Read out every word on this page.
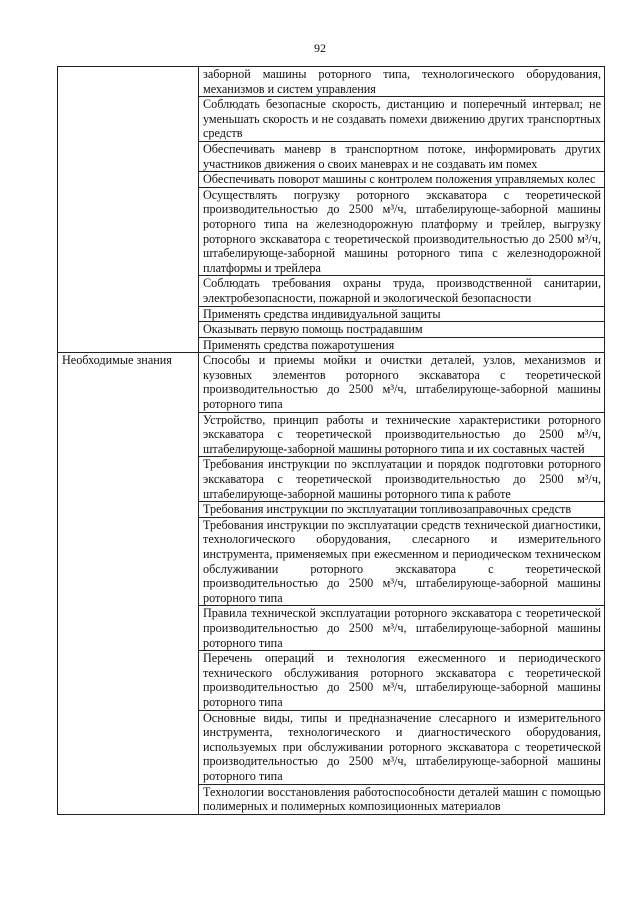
92
	заборной машины роторного типа, технологического оборудования, механизмов и систем управления
	Соблюдать безопасные скорость, дистанцию и поперечный интервал; не уменьшать скорость и не создавать помехи движению других транспортных средств
	Обеспечивать маневр в транспортном потоке, информировать других участников движения о своих маневрах и не создавать им помех
	Обеспечивать поворот машины с контролем положения управляемых колес
	Осуществлять погрузку роторного экскаватора с теоретической производительностью до 2500 м³/ч, штабелирующе-заборной машины роторного типа на железнодорожную платформу и трейлер, выгрузку роторного экскаватора с теоретической производительностью до 2500 м³/ч, штабелирующе-заборной машины роторного типа с железнодорожной платформы и трейлера
	Соблюдать требования охраны труда, производственной санитарии, электробезопасности, пожарной и экологической безопасности
	Применять средства индивидуальной защиты
	Оказывать первую помощь пострадавшим
	Применять средства пожаротушения
Необходимые знания	Способы и приемы мойки и очистки деталей, узлов, механизмов и кузовных элементов роторного экскаватора с теоретической производительностью до 2500 м³/ч, штабелирующе-заборной машины роторного типа
	Устройство, принцип работы и технические характеристики роторного экскаватора с теоретической производительностью до 2500 м³/ч, штабелирующе-заборной машины роторного типа и их составных частей
	Требования инструкции по эксплуатации и порядок подготовки роторного экскаватора с теоретической производительностью до 2500 м³/ч, штабелирующе-заборной машины роторного типа к работе
	Требования инструкции по эксплуатации топливозаправочных средств
	Требования инструкции по эксплуатации средств технической диагностики, технологического оборудования, слесарного и измерительного инструмента, применяемых при ежесменном и периодическом техническом обслуживании роторного экскаватора с теоретической производительностью до 2500 м³/ч, штабелирующе-заборной машины роторного типа
	Правила технической эксплуатации роторного экскаватора с теоретической производительностью до 2500 м³/ч, штабелирующе-заборной машины роторного типа
	Перечень операций и технология ежесменного и периодического технического обслуживания роторного экскаватора с теоретической производительностью до 2500 м³/ч, штабелирующе-заборной машины роторного типа
	Основные виды, типы и предназначение слесарного и измерительного инструмента, технологического и диагностического оборудования, используемых при обслуживании роторного экскаватора с теоретической производительностью до 2500 м³/ч, штабелирующе-заборной машины роторного типа
	Технологии восстановления работоспособности деталей машин с помощью полимерных и полимерных композиционных материалов
